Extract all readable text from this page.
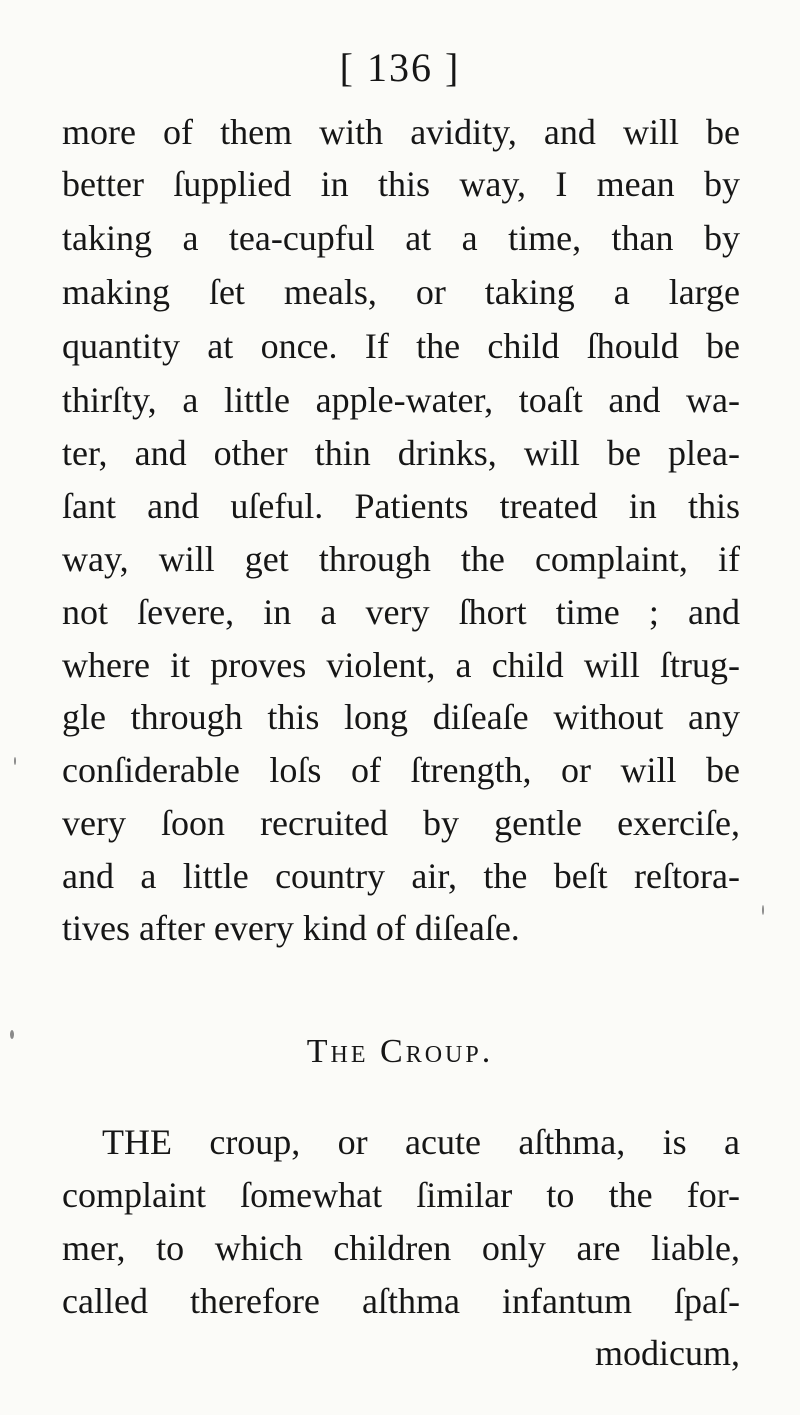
[ 136 ]
more of them with avidity, and will be
better ſupplied in this way, I mean by
taking a tea-cupful at a time, than by
making ſet meals, or taking a large
quantity at once. If the child ſhould be
thirſty, a little apple-water, toaſt and wa-
ter, and other thin drinks, will be plea-
ſant and uſeful. Patients treated in this
way, will get through the complaint, if
not ſevere, in a very ſhort time ; and
where it proves violent, a child will ſtrug-
gle through this long diſeaſe without any
conſiderable loſs of ſtrength, or will be
very ſoon recruited by gentle exerciſe,
and a little country air, the beſt reſtora-
tives after every kind of diſeaſe.
The Croup.
THE croup, or acute aſthma, is a
complaint ſomewhat ſimilar to the for-
mer, to which children only are liable,
called therefore aſthma infantum ſpaſ-
modicum,
